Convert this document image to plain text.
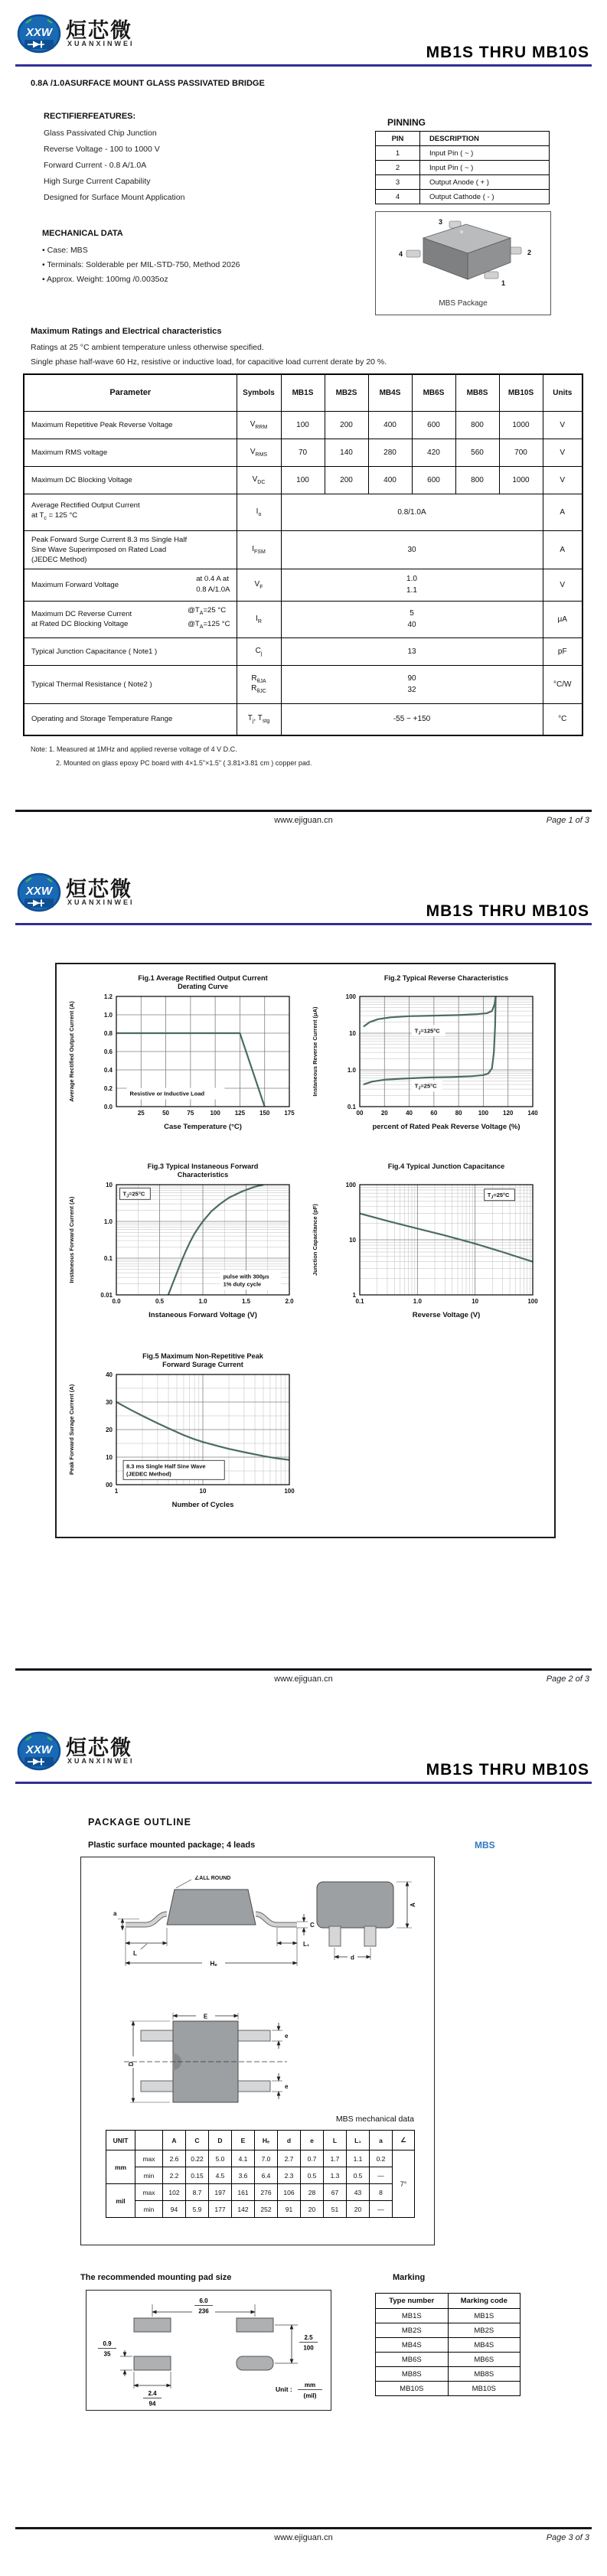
XXW 烜芯微
XUANXINWEI	MB1S THRU MB10S
0.8A /1.0ASURFACE MOUNT GLASS PASSIVATED BRIDGE
RECTIFIERFEATURES:
Glass Passivated Chip Junction
Reverse Voltage - 100 to 1000 V
Forward Current - 0.8 A/1.0A
High Surge Current Capability
Designed for Surface Mount Application
PINNING
PIN	DESCRIPTION
1	Input Pin ( ~ )
2	Input Pin ( ~ )
3	Output Anode ( + )
4	Output Cathode ( - )
3
4	2
1
MBS Package
MECHANICAL DATA
• Case: MBS
• Terminals: Solderable per MIL-STD-750, Method 2026
• Approx. Weight: 100mg /0.0035oz
Maximum Ratings and Electrical characteristics
Ratings at 25 °C ambient temperature unless otherwise specified.
Single phase half-wave 60 Hz, resistive or inductive load, for capacitive load current derate by 20 %.
Parameter	Symbols	MB1S	MB2S	MB4S	MB6S	MB8S	MB10S	Units

Maximum Repetitive Peak Reverse Voltage	$V_{RRM}$	100	200	400	600	800	1000	V

Maximum RMS voltage	$V_{RMS}$	70	140	280	420	560	700	V

Maximum DC Blocking Voltage	$V_{DC}$	100	200	400	600	800	1000	V

Average Rectified Output Current
at $T_c = 125$ °C	$I_o$	0.8/1.0A						A

Peak Forward Surge Current 8.3 ms Single Half
Sine Wave Superimposed on Rated Load
(JEDEC Method)	$I_{FSM}$	30						A

Maximum Forward Voltage
at 0.4 A at
0.8 A/1.0A
	$V_F$	1.0
1.1	V

Maximum DC Reverse Current
at Rated DC Blocking Voltage
$@T_A=25$ °C
$@T_A=125$ °C
	$I_R$	5
40	μA

Typical Junction Capacitance ( Note1 )	$C_j$	13						pF

Typical Thermal Resistance ( Note2 )	$R_{\theta JA}$
$R_{\theta JC}$	90
32						°C/W

Operating and Storage Temperature Range	$T_j$, $T_{stg}$	-55 ~ +150						°C
Note: 1. Measured at 1MHz and applied reverse voltage of 4 V D.C.
2. Mounted on glass epoxy PC board with 4×1.5"×1.5" ( 3.81×3.81 cm ) copper pad.
www.ejiguan.cn	Page 1 of 3
XXW 烜芯微
XUANXINWEI	MB1S THRU MB10S
25	50	75	100 125 150 175
0.0
0.2
0.4
0.6
0.8
1.0
1.2
Fig.1 Average Rectified Output Current
Derating Curve
Case Temperature (°C)
Average Rectified Output Current (A)	Resistive or Inductive Load
00	20	40	60	80	100 120 140
0.1
1.0
10
100
Fig.2 Typical Reverse Characteristics
percent of Rated Peak Reverse Voltage (%)
Instaneous Reverse Current (μA)	$T_J=125^\circ C$
$T_J=25^\circ C$
0.0	0.5	1.0	1.5	2.0
0.01
0.1
1.0
10
Fig.3 Typical Instaneous Forward
Characteristics
Instaneous Forward Voltage (V)
Instaneous Forward Current (A)
$T_J=25^\circ C$
pulse with 300μs
1% duty cycle
0.1	1.0	10	100
1
10
100
Fig.4 Typical Junction Capacitance
Reverse Voltage (V)
Junction Capacitance (pF)
$T_J=25^\circ C$
1	10	100
00
10
20
30
40
Fig.5 Maximum Non-Repetitive Peak
Forward Surage Current
Number of Cycles
Peak Forward Surage Current (A)	8.3 ms Single Half Sine Wave
(JEDEC Method)
www.ejiguan.cn	Page 2 of 3
XXW 烜芯微
XUANXINWEI	MB1S THRU MB10S
PACKAGE OUTLINE
Plastic surface mounted package; 4 leads	MBS
∠ALL ROUND
a
C
L
L₁
Hₑ
A
d
E
D
e
e
MBS mechanical data
UNIT		A	C	D	E	Hₑ	d	e	L	L₁	a	∠
mm	max	2.6	0.22	5.0	4.1	7.0	2.7	0.7	1.7	1.1	0.2	7°
	min	2.2	0.15	4.5	3.6	6.4	2.3	0.5	1.3	0.5	—	
mil	max	102	8.7	197	161	276	106	28	67	43	8	
	min	94	5.9	177	142	252	91	20	51	20	—	
The recommended mounting pad size
6.0
236
2.5
100
0.9
35
2.4
94
Unit :
mm
(mil)
Marking
Type number	Marking code
MB1S	MB1S
MB2S	MB2S
MB4S	MB4S
MB6S	MB6S
MB8S	MB8S
MB10S	MB10S
www.ejiguan.cn	Page 3 of 3
